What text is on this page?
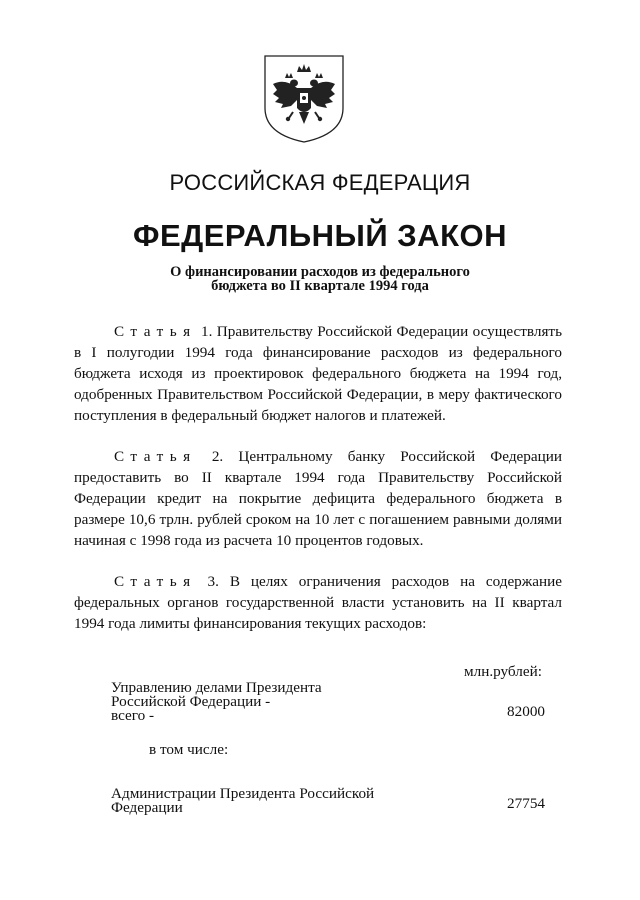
РОССИЙСКАЯ ФЕДЕРАЦИЯ
ФЕДЕРАЛЬНЫЙ ЗАКОН
О финансировании расходов из федерального
бюджета во II квартале 1994 года
Статья 1. Правительству Российской Федерации осуществлять
в I полугодии 1994 года финансирование расходов из федерального
бюджета исходя из проектировок федерального бюджета на 1994 год,
одобренных Правительством Российской Федерации, в меру фактического
поступления в федеральный бюджет налогов и платежей.
Статья 2. Центральному банку Российской Федерации
предоставить во II квартале 1994 года Правительству Российской
Федерации кредит на покрытие дефицита федерального бюджета в
размере 10,6 трлн. рублей сроком на 10 лет с погашением равными долями
начиная с 1998 года из расчета 10 процентов годовых.
Статья 3. В целях ограничения расходов на содержание
федеральных органов государственной власти установить на II квартал
1994 года лимиты финансирования текущих расходов:
млн.рублей:
Управлению делами Президента
Российской Федерации -
всего -	82000
в том числе:
Администрации Президента Российской
Федерации	27754
